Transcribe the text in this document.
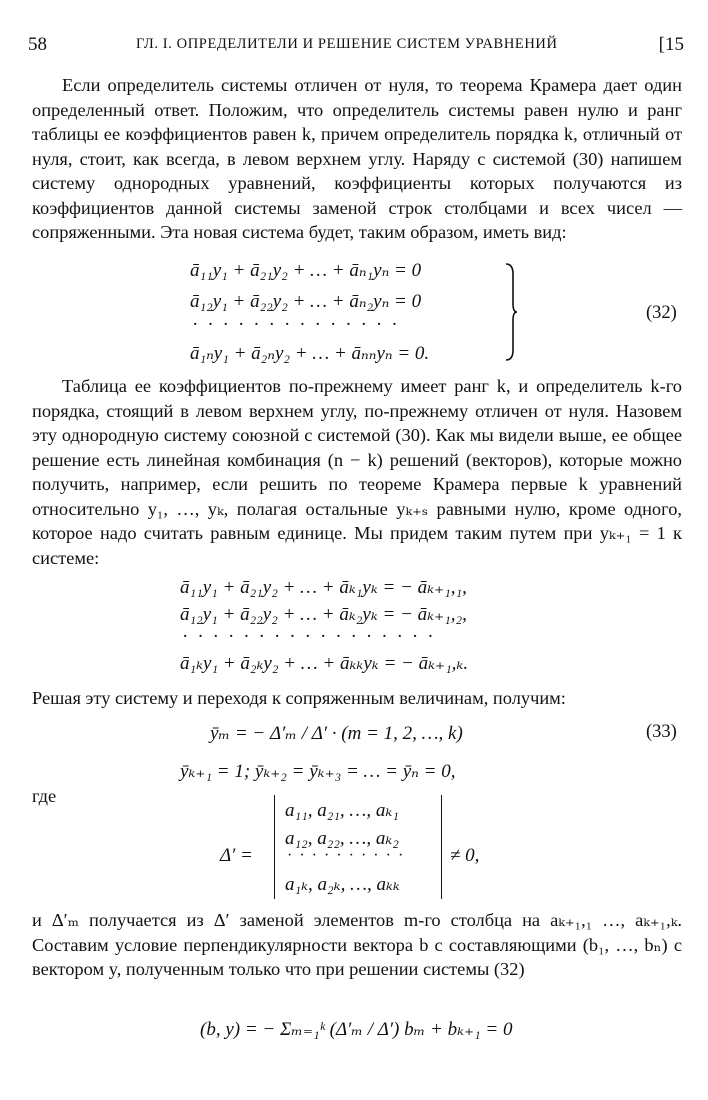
58	ГЛ. I. ОПРЕДЕЛИТЕЛИ И РЕШЕНИЕ СИСТЕМ УРАВНЕНИЙ	[15

Если определитель системы отличен от нуля, то теорема Крамера дает один определенный ответ. Положим, что определитель системы равен нулю и ранг таблицы ее коэффициентов равен k, причем определитель порядка k, отличный от нуля, стоит, как всегда, в левом верхнем углу. Наряду с системой (30) напишем систему однородных уравнений, коэффициенты которых получаются из коэффициентов данной системы заменой строк столбцами и всех чисел — сопряженными. Эта новая система будет, таким образом, иметь вид:

ā₁₁y₁ + ā₂₁y₂ + … + āₙ₁yₙ = 0
ā₁₂y₁ + ā₂₂y₂ + … + āₙ₂yₙ = 0
··············
ā₁ₙy₁ + ā₂ₙy₂ + … + āₙₙyₙ = 0.
(32)

Таблица ее коэффициентов по-прежнему имеет ранг k, и определитель k-го порядка, стоящий в левом верхнем углу, по-прежнему отличен от нуля. Назовем эту однородную систему союзной с системой (30). Как мы видели выше, ее общее решение есть линейная комбинация (n − k) решений (векторов), которые можно получить, например, если решить по теореме Крамера первые k уравнений относительно y₁, …, yₖ, полагая остальные yₖ₊ₛ равными нулю, кроме одного, которое надо считать равным единице. Мы придем таким путем при yₖ₊₁ = 1 к системе:

ā₁₁y₁ + ā₂₁y₂ + … + āₖ₁yₖ = − āₖ₊₁,₁,
ā₁₂y₁ + ā₂₂y₂ + … + āₖ₂yₖ = − āₖ₊₁,₂,
·················
ā₁ₖy₁ + ā₂ₖy₂ + … + āₖₖyₖ = − āₖ₊₁,ₖ.

Решая эту систему и переходя к сопряженным величинам, получим:

ȳₘ = − Δ′ₘ / Δ′ · (m = 1, 2, …, k)	(33)
ȳₖ₊₁ = 1; ȳₖ₊₂ = ȳₖ₊₃ = … = ȳₙ = 0,
где
Δ′ =
a₁₁, a₂₁, …, aₖ₁
a₁₂, a₂₂, …, aₖ₂
··········
a₁ₖ, a₂ₖ, …, aₖₖ
≠ 0,

и Δ′ₘ получается из Δ′ заменой элементов m-го столбца на aₖ₊₁,₁ …, aₖ₊₁,ₖ. Составим условие перпендикулярности вектора b с составляющими (b₁, …, bₙ) с вектором y, полученным только что при решении системы (32)

(b, y) = − Σₘ₌₁ᵏ (Δ′ₘ / Δ′) bₘ + bₖ₊₁ = 0
